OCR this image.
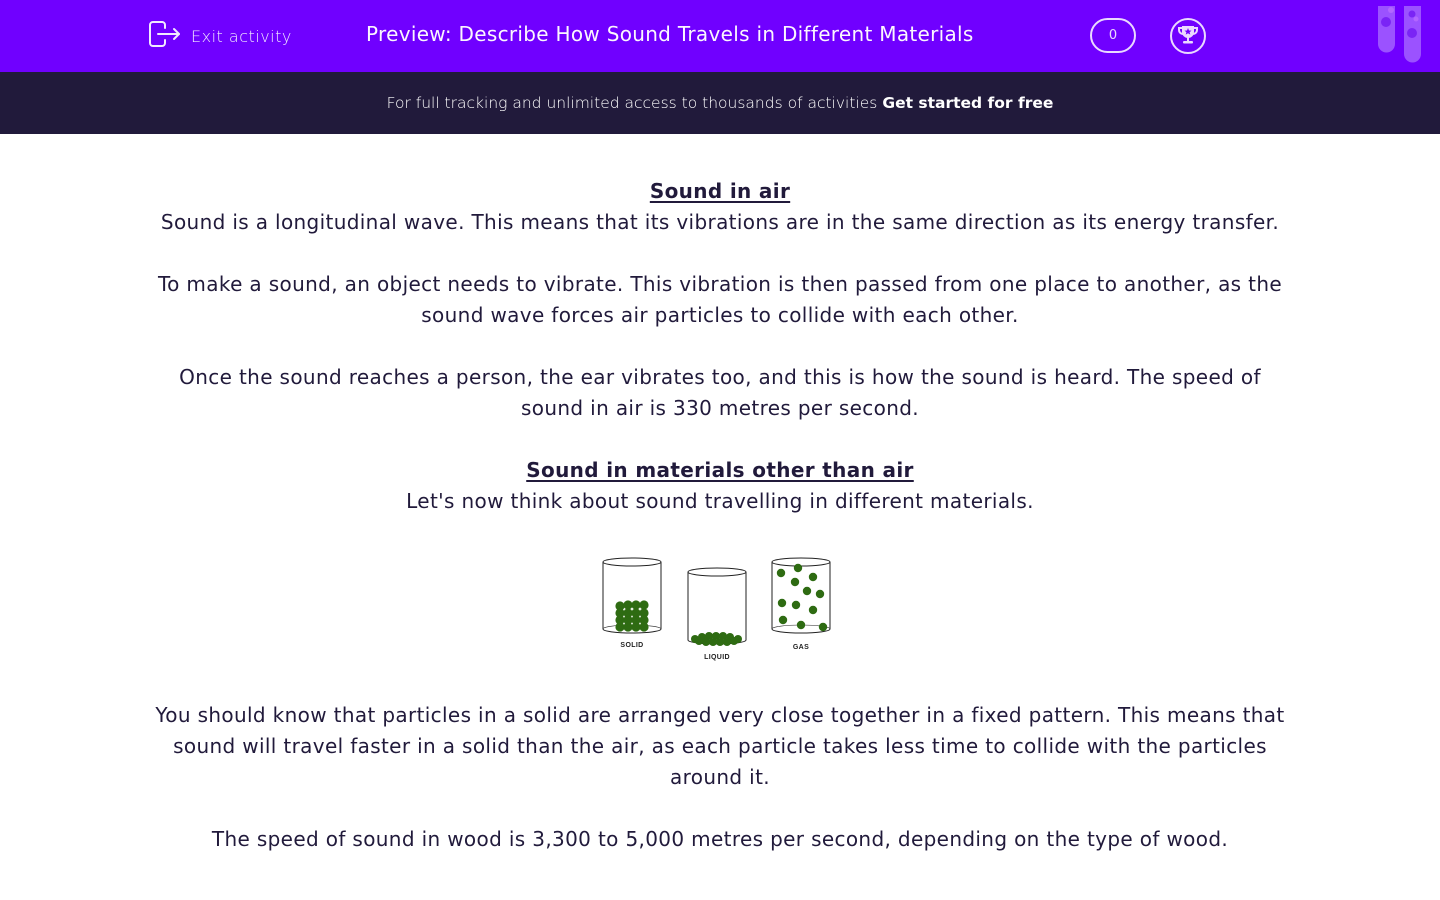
Exit activity	Preview: Describe How Sound Travels in Different Materials	0
For full tracking and unlimited access to thousands of activities Get started for free
Sound in air
Sound is a longitudinal wave. This means that its vibrations are in the same direction as its energy transfer.
To make a sound, an object needs to vibrate. This vibration is then passed from one place to another, as the sound wave forces air particles to collide with each other.
Once the sound reaches a person, the ear vibrates too, and this is how the sound is heard. The speed of sound in air is 330 metres per second.
Sound in materials other than air
Let's now think about sound travelling in different materials.
SOLID
LIQUID
GAS
You should know that particles in a solid are arranged very close together in a fixed pattern. This means that sound will travel faster in a solid than the air, as each particle takes less time to collide with the particles around it.
The speed of sound in wood is 3,300 to 5,000 metres per second, depending on the type of wood.
